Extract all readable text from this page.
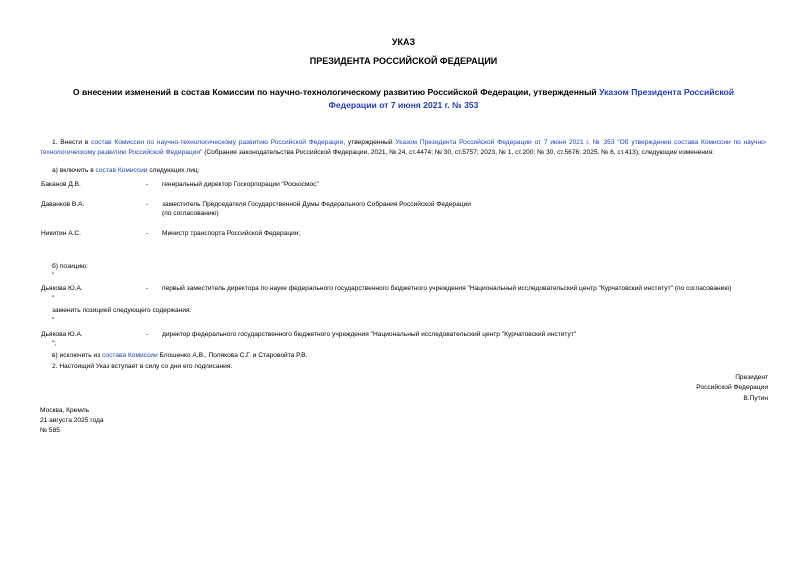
УКАЗ
ПРЕЗИДЕНТА РОССИЙСКОЙ ФЕДЕРАЦИИ
О внесении изменений в состав Комиссии по научно-технологическому развитию Российской Федерации, утвержденный Указом Президента Российской Федерации от 7 июня 2021 г. № 353
1. Внести в состав Комиссии по научно-технологическому развитию Российской Федерации, утвержденный Указом Президента Российской Федерации от 7 июня 2021 г. № 353 "Об утверждении состава Комиссии по научно-технологическому развитию Российской Федерации" (Собрание законодательства Российской Федерации, 2021, № 24, ст.4474; № 30, ст.5757; 2023, № 1, ст.200; № 30, ст.5676; 2025, № 6, ст.413), следующие изменения:
а) включить в состав Комиссии следующих лиц:
Баканов Д.В.	- генеральный директор Госкорпорации "Роскосмос"
Даванков В.А.	- заместитель Председателя Государственной Думы Федерального Собрания Российской Федерации
(по согласованию)
Никитин А.С.	- Министр транспорта Российской Федерации;
б) позицию:
"
Дьякова Ю.А.	- первый заместитель директора по науке федерального государственного бюджетного учреждения "Национальный исследовательский центр "Курчатовский институт" (по согласованию)
"
заменить позицией следующего содержания:
"
Дьякова Ю.А.	- директор федерального государственного бюджетного учреждения "Национальный исследовательский центр "Курчатовский институт"
";
в) исключить из состава Комиссии Блошенко А.В., Полякова С.Г. и Старовойта Р.В.
2. Настоящий Указ вступает в силу со дня его подписания.
Президент
Российской Федерации
В.Путин
Москва, Кремль
21 августа 2025 года
№ 585
